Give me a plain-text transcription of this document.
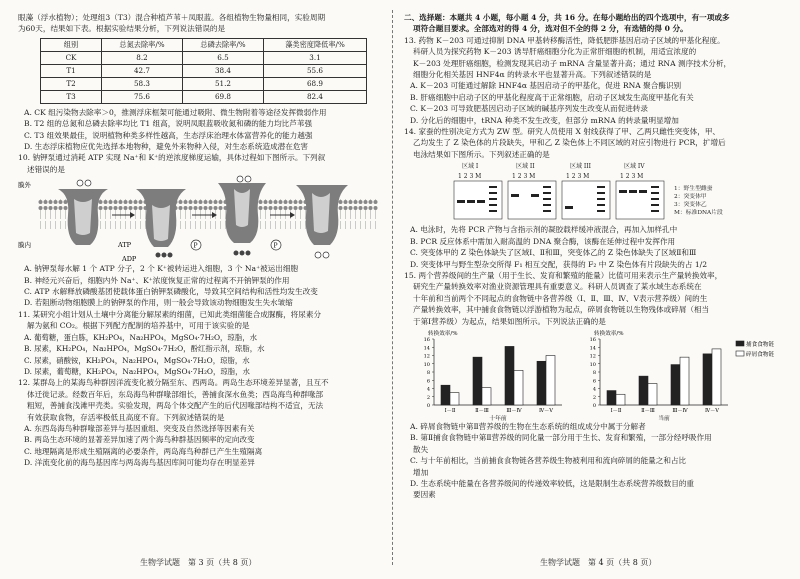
眼藻（浮水植物）；处理组3（T3）混合种植芦苇＋凤眼蓝。各组植物生物量相同，实验周期

为60天，结果如下表。根据实验结果分析，下列说法错误的是

组别	总氮去除率/%	总磷去除率/%	藻类密度降低率/%
CK	8.2	6.5	3.1
T1	42.7	38.4	55.6
T2	58.3	51.2	68.9
T3	75.6	69.8	82.4

A. CK 组污染物去除率＞0，推测浮床框架可能通过吸附、微生物附着等途径发挥微弱作用

B. T2 组的总氮和总磷去除率均比 T1 组高，说明凤眼蓝吸收氮和磷的能力均比芦苇强

C. T3 组效果最佳，说明植物种类多样性越高，生态浮床治理水体富营养化的能力越强

D. 生态浮床植物应优先选择本地物种，避免外来物种入侵，对生态系统造成潜在危害

10. 钠钾泵通过消耗 ATP 实现 Na⁺和 K⁺的逆浓度梯度运输，具体过程如下图所示。下列叙

述错误的是

P	P
膜外
膜内	ATP
ADP

A. 钠钾泵每水解 1 个 ATP 分子，2 个 K⁺被转运进入细胞，3 个 Na⁺被运出细胞

B. 神经元兴奋后，细胞内外 Na⁺、K⁺浓度恢复正常的过程离不开钠钾泵的作用

C. ATP 水解释放磷酸基团使载体蛋白钠钾泵磷酸化，导致其空间结构和活性均发生改变

D. 若阻断动物细胞膜上的钠钾泵的作用，则一般会导致该动物细胞发生失水皱缩

11. 某研究小组计划从土壤中分离能分解尿素的细菌，已知此类细菌能合成脲酶，将尿素分

解为氨和 CO₂。根据下列配方配制的培养基中，可用于该实验的是

A. 葡萄糖，蛋白胨，KH₂PO₄，Na₂HPO₄，MgSO₄·7H₂O，琼脂，水

B. 尿素，KH₂PO₄，Na₂HPO₄，MgSO₄·7H₂O，酚红指示剂，琼脂，水

C. 尿素，硝酸铵，KH₂PO₄，Na₂HPO₄，MgSO₄·7H₂O，琼脂，水

D. 尿素，葡萄糖，KH₂PO₄，Na₂HPO₄，MgSO₄·7H₂O，琼脂，水

12. 某群岛上的某海鸟种群因洋流变化被分隔至东、西两岛。两岛生态环境差异显著，且互不

体迁徙记录。经数百年后，东岛海鸟种群喙部细长，善捕食深水鱼类；西岛海鸟种群喙部

粗短，善捕食浅滩甲壳类。实验发现，两岛个体交配产生的后代因喙部结构不适宜，无法

有效获取食物，存活率极低且高度不育。下列叙述错误的是

A. 东西岛海鸟种群喙部差异与基因重组、突变及自然选择等因素有关

B. 两岛生态环境的显著差异加速了两个海鸟种群基因频率的定向改变

C. 地理隔离是形成生殖隔离的必要条件，两岛海鸟种群已产生生殖隔离

D. 洋流变化前的海鸟基因库与两岛海鸟基因库间可能均存在明显差异

二、选择题：本题共 4 小题，每小题 4 分，共 16 分。在每小题给出的四个选项中，有一项或多

项符合题目要求。全部选对的得 4 分，选对但不全的得 2 分，有选错的得 0 分。

13. 药物 K－203 可通过抑制 DNA 甲基转移酶活性，降低肥胖基因启动子区域的甲基化程度。

科研人员为探究药物 K－203 诱导肝癌细胞分化为正常肝细胞的机制，用适宜浓度的

K－203 处理肝癌细胞，检测发现其启动子 mRNA 含量显著升高；通过 RNA 测序技术分析，

细胞分化相关基因 HNF4α 的转录水平也显著升高。下列叙述错误的是

A. K－203 可能通过解除 HNF4α 基因启动子的甲基化，促进 RNA 聚合酶识别

B. 肝癌细胞中启动子区的甲基化程度高于正常细胞，启动子区域发生高度甲基化有关

C. K－203 可导致肥基因启动子区域的碱基序列发生改变从而促进转录

D. 分化后的细胞中，tRNA 种类不发生改变，但部分 mRNA 的转录量明显增加

14. 家蚕的性别决定方式为 ZW 型。研究人员使用 X 射线获得了甲、乙两只雌性突变体，甲、

乙均发生了 Z 染色体的片段缺失，甲和乙 Z 染色体上不同区域的对应引物进行 PCR，扩增后

电泳结果如下图所示。下列叙述正确的是

区域 I	区域 II	区域 III	区域 IV
1 2 3 M	1 2 3 M	1 2 3 M	1 2 3 M
1：野生型雌蚕
2：突变体甲
3：突变体乙
M：标准DNA片段

A. 电泳时，先将 PCR 产物与含指示剂的凝胶载样缓冲液混合，再加入加样孔中

B. PCR 反应体系中需加入耐高温的 DNA 聚合酶，该酶在延伸过程中发挥作用

C. 突变体甲的 Z 染色体缺失了区域Ⅰ、Ⅱ和Ⅲ，突变体乙的 Z 染色体缺失了区域Ⅱ和Ⅲ

D. 突变体甲与野生型杂交所得 F₁ 相互交配，获得的 F₂ 中 Z 染色体有片段缺失的占 1/2

15. 两个营养级间的生产量（用于生长、发育和繁殖的能量）比值可用来表示生产量转换效率，

研究生产量转换效率对渔业资源管理具有重要意义。科研人员调查了某水域生态系统在

十年前和当前两个不同起点的食物链中各营养级（Ⅰ、Ⅱ、Ⅲ、Ⅳ、Ⅴ表示营养级）间的生

产量转换效率，其中捕食食物链以浮游植物为起点，碎屑食物链以生物残体或碎屑（相当

于第Ⅰ营养级）为起点，结果如图所示。下列说法正确的是

0
2
4
6
8
10
12
14
16
转换效率/%
Ⅰ－Ⅱ	Ⅱ－Ⅲ	Ⅲ－Ⅳ	Ⅳ－Ⅴ
十年前
0
2
4
6
8
10
12
14
16
转换效率/%
Ⅰ－Ⅱ	Ⅱ－Ⅲ	Ⅲ－Ⅳ	Ⅳ－Ⅴ
当前
捕食食物链
碎屑食物链

A. 碎屑食物链中第Ⅱ营养级的生物在生态系统的组成成分中属于分解者

B. 第Ⅱ捕食食物链中第Ⅱ营养级的同化量一部分用于生长、发育和繁殖，一部分经呼吸作用

散失

C. 与十年前相比，当前捕食食物链各营养级生物被利用和流向碎屑的能量之和占比

增加

D. 生态系统中能量在各营养级间的传递效率较低，这是限制生态系统营养级数目的重

要因素

生物学试题　第 3 页（共 8 页）	生物学试题　第 4 页（共 8 页）
